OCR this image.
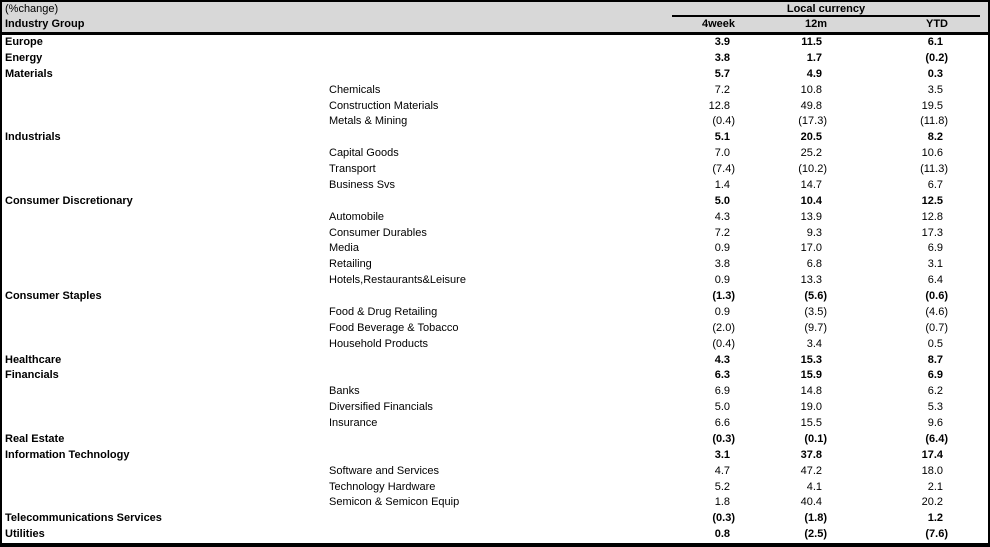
(%change)	Local currency
Industry Group	4week	12m	YTD
Europe	3.9	11.5	6.1
Energy	3.8	1.7	(0.2)
Materials	5.7	4.9	0.3
Chemicals	7.2	10.8	3.5
Construction Materials	12.8	49.8	19.5
Metals & Mining	(0.4)	(17.3)	(11.8)
Industrials	5.1	20.5	8.2
Capital Goods	7.0	25.2	10.6
Transport	(7.4)	(10.2)	(11.3)
Business Svs	1.4	14.7	6.7
Consumer Discretionary	5.0	10.4	12.5
Automobile	4.3	13.9	12.8
Consumer Durables	7.2	9.3	17.3
Media	0.9	17.0	6.9
Retailing	3.8	6.8	3.1
Hotels,Restaurants&Leisure	0.9	13.3	6.4
Consumer Staples	(1.3)	(5.6)	(0.6)
Food & Drug Retailing	0.9	(3.5)	(4.6)
Food Beverage & Tobacco	(2.0)	(9.7)	(0.7)
Household Products	(0.4)	3.4	0.5
Healthcare	4.3	15.3	8.7
Financials	6.3	15.9	6.9
Banks	6.9	14.8	6.2
Diversified Financials	5.0	19.0	5.3
Insurance	6.6	15.5	9.6
Real Estate	(0.3)	(0.1)	(6.4)
Information Technology	3.1	37.8	17.4
Software and Services	4.7	47.2	18.0
Technology Hardware	5.2	4.1	2.1
Semicon & Semicon Equip	1.8	40.4	20.2
Telecommunications Services	(0.3)	(1.8)	1.2
Utilities	0.8	(2.5)	(7.6)
